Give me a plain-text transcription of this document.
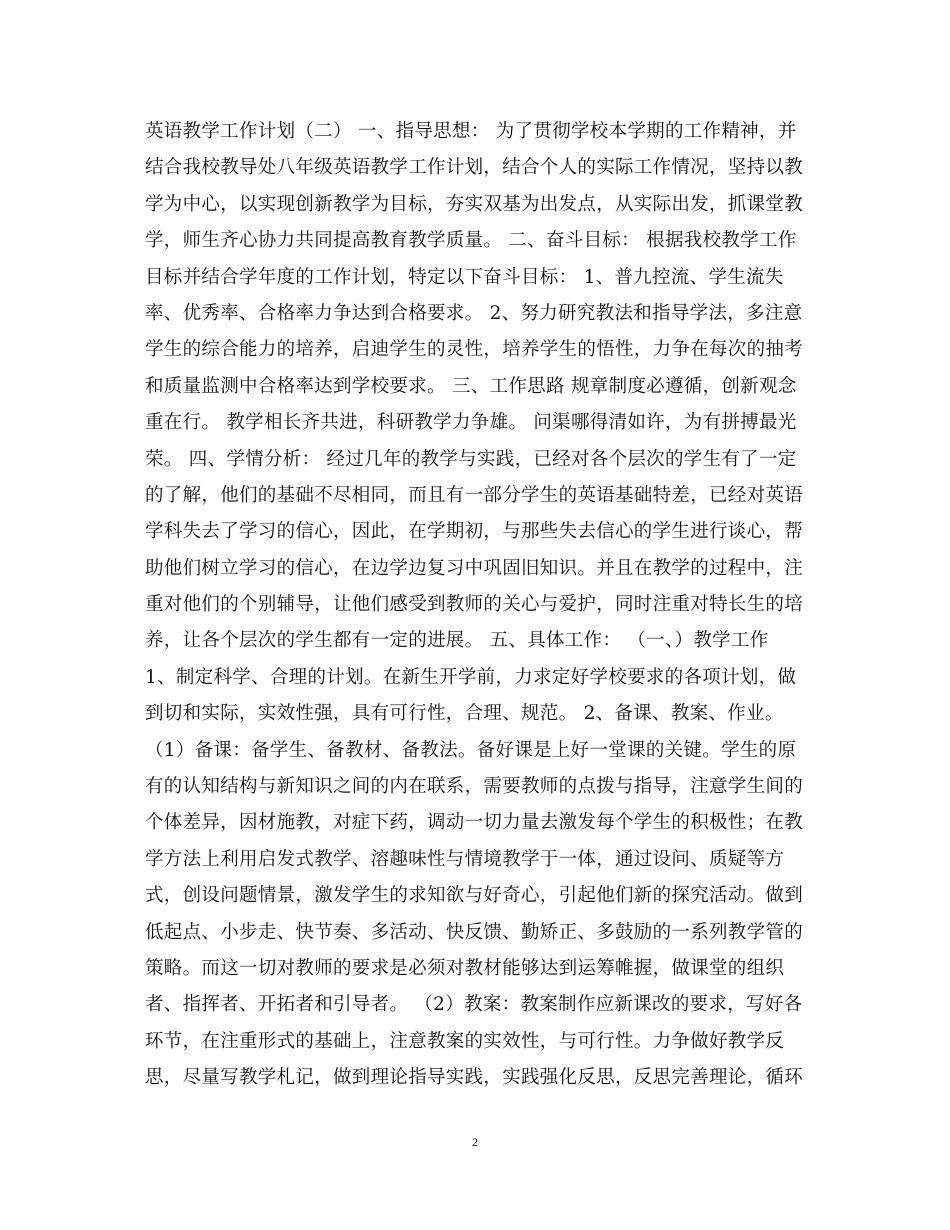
英语教学工作计划（二） 一、指导思想： 为了贯彻学校本学期的工作精神，并
结合我校教导处八年级英语教学工作计划，结合个人的实际工作情况，坚持以教
学为中心，以实现创新教学为目标，夯实双基为出发点，从实际出发，抓课堂教
学，师生齐心协力共同提高教育教学质量。 二、奋斗目标： 根据我校教学工作
目标并结合学年度的工作计划，特定以下奋斗目标： 1、普九控流、学生流失
率、优秀率、合格率力争达到合格要求。 2、努力研究教法和指导学法，多注意
学生的综合能力的培养，启迪学生的灵性，培养学生的悟性，力争在每次的抽考
和质量监测中合格率达到学校要求。 三、工作思路 规章制度必遵循，创新观念
重在行。 教学相长齐共进，科研教学力争雄。 问渠哪得清如许，为有拼搏最光
荣。 四、学情分析： 经过几年的教学与实践，已经对各个层次的学生有了一定
的了解，他们的基础不尽相同，而且有一部分学生的英语基础特差，已经对英语
学科失去了学习的信心，因此，在学期初，与那些失去信心的学生进行谈心，帮
助他们树立学习的信心，在边学边复习中巩固旧知识。并且在教学的过程中，注
重对他们的个别辅导，让他们感受到教师的关心与爱护，同时注重对特长生的培
养，让各个层次的学生都有一定的进展。 五、具体工作： （一、）教学工作
1、制定科学、合理的计划。在新生开学前，力求定好学校要求的各项计划，做
到切和实际，实效性强，具有可行性，合理、规范。 2、备课、教案、作业。
（1）备课：备学生、备教材、备教法。备好课是上好一堂课的关键。学生的原
有的认知结构与新知识之间的内在联系，需要教师的点拨与指导，注意学生间的
个体差异，因材施教，对症下药，调动一切力量去激发每个学生的积极性；在教
学方法上利用启发式教学、溶趣味性与情境教学于一体，通过设问、质疑等方
式，创设问题情景，激发学生的求知欲与好奇心，引起他们新的探究活动。做到
低起点、小步走、快节奏、多活动、快反馈、勤矫正、多鼓励的一系列教学管的
策略。而这一切对教师的要求是必须对教材能够达到运筹帷握，做课堂的组织
者、指挥者、开拓者和引导者。 （2）教案：教案制作应新课改的要求，写好各
环节，在注重形式的基础上，注意教案的实效性，与可行性。力争做好教学反
思，尽量写教学札记，做到理论指导实践，实践强化反思，反思完善理论，循环
2
